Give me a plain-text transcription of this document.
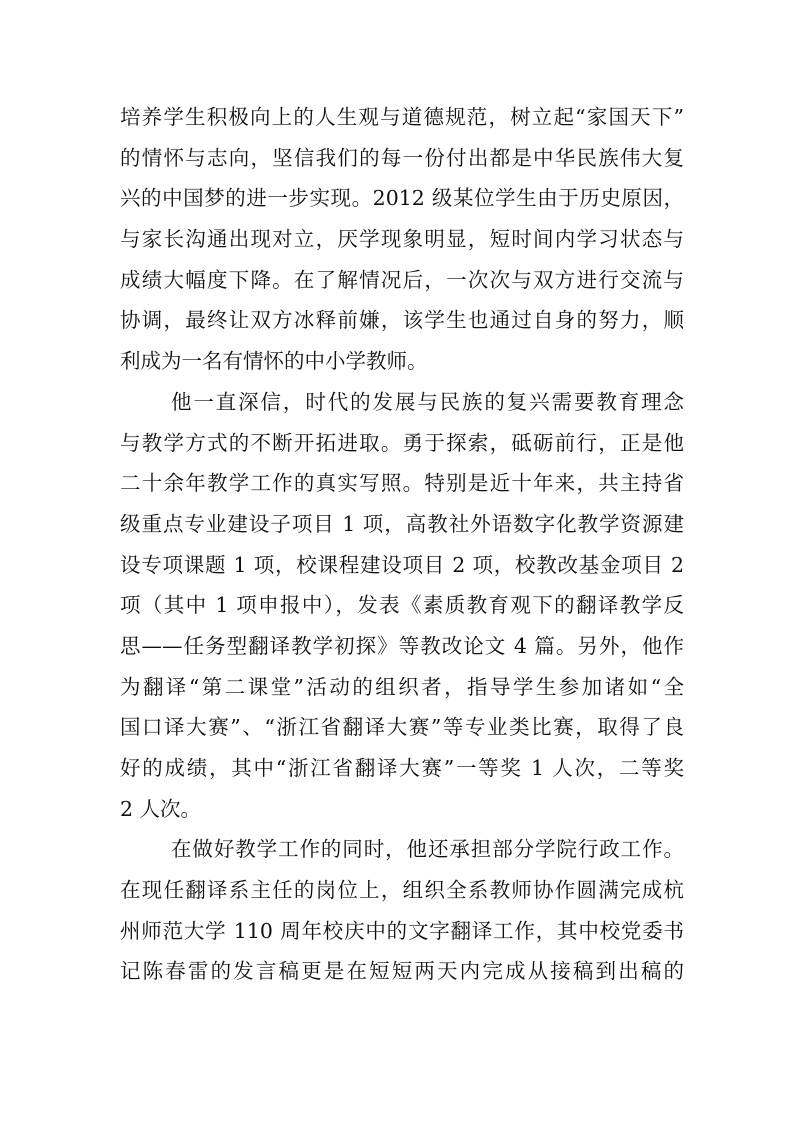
培养学生积极向上的人生观与道德规范，树立起“家国天下”
的情怀与志向，坚信我们的每一份付出都是中华民族伟大复
兴的中国梦的进一步实现。2012 级某位学生由于历史原因，
与家长沟通出现对立，厌学现象明显，短时间内学习状态与
成绩大幅度下降。在了解情况后，一次次与双方进行交流与
协调，最终让双方冰释前嫌，该学生也通过自身的努力，顺
利成为一名有情怀的中小学教师。
他一直深信，时代的发展与民族的复兴需要教育理念
与教学方式的不断开拓进取。勇于探索，砥砺前行，正是他
二十余年教学工作的真实写照。特别是近十年来，共主持省
级重点专业建设子项目 1 项，高教社外语数字化教学资源建
设专项课题 1 项，校课程建设项目 2 项，校教改基金项目 2
项（其中 1 项申报中），发表《素质教育观下的翻译教学反
思——任务型翻译教学初探》等教改论文 4 篇。另外，他作
为翻译“第二课堂”活动的组织者，指导学生参加诸如“全
国口译大赛”、“浙江省翻译大赛”等专业类比赛，取得了良
好的成绩，其中“浙江省翻译大赛”一等奖 1 人次，二等奖
2 人次。
在做好教学工作的同时，他还承担部分学院行政工作。
在现任翻译系主任的岗位上，组织全系教师协作圆满完成杭
州师范大学 110 周年校庆中的文字翻译工作，其中校党委书
记陈春雷的发言稿更是在短短两天内完成从接稿到出稿的
